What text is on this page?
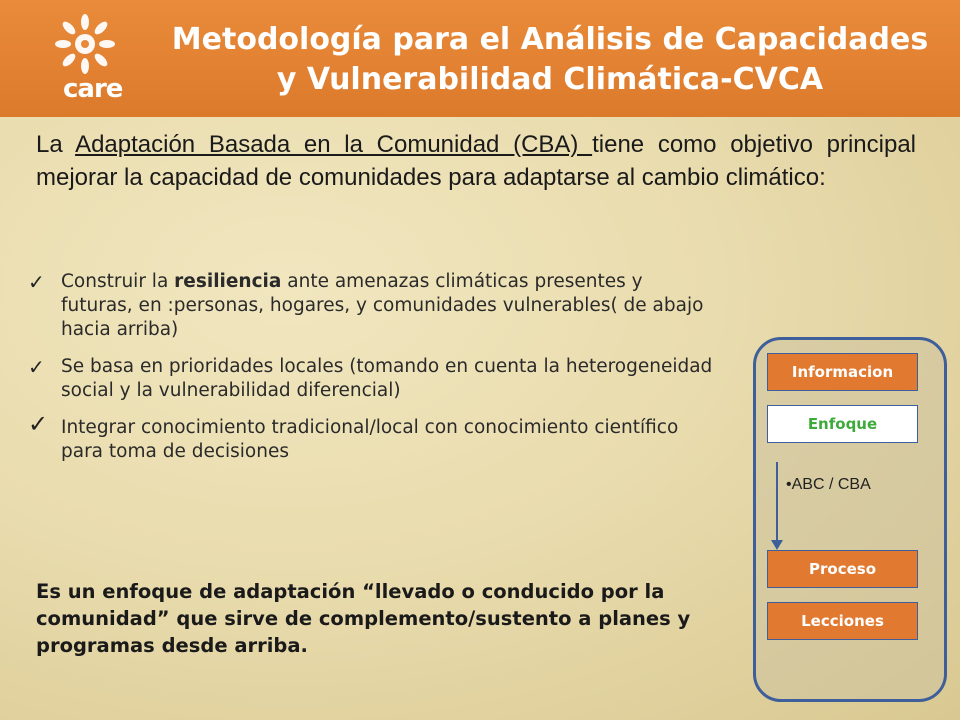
care
Metodología para el Análisis de Capacidades
y Vulnerabilidad Climática-CVCA
La Adaptación Basada en la Comunidad (CBA) tiene como objetivo principal mejorar la capacidad de comunidades para adaptarse al cambio climático:
✓ Construir la resiliencia ante amenazas climáticas presentes y futuras, en :personas, hogares, y comunidades vulnerables( de abajo hacia arriba)
✓ Se basa en prioridades locales (tomando en cuenta la heterogeneidad social y la vulnerabilidad diferencial)
✓ Integrar conocimiento tradicional/local con conocimiento científico para toma de decisiones
Es un enfoque de adaptación “llevado o conducido por la comunidad” que sirve de complemento/sustento a planes y programas desde arriba.
Informacion
Enfoque
•ABC / CBA
Proceso
Lecciones
